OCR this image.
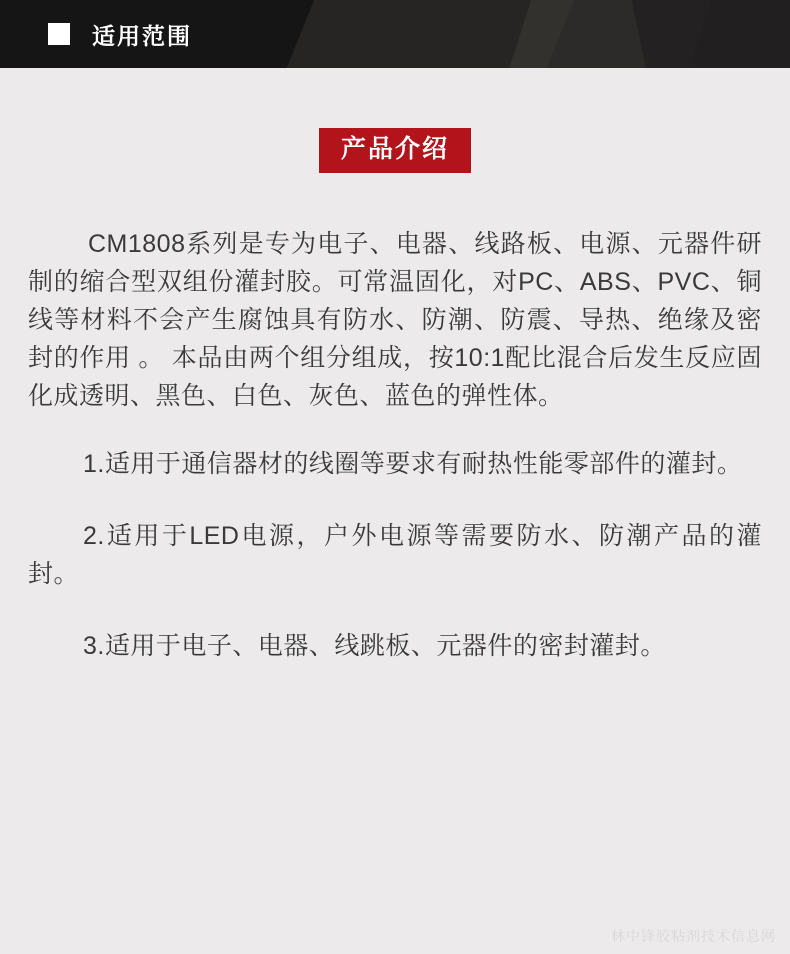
适用范围
产品介绍

CM1808系列是专为电子、电器、线路板、电源、元器件研制的缩合型双组份灌封胶。可常温固化，对PC、ABS、PVC、铜线等材料不会产生腐蚀具有防水、防潮、防震、导热、绝缘及密封的作用 。 本品由两个组分组成，按10:1配比混合后发生反应固化成透明、黑色、白色、灰色、蓝色的弹性体。

1.适用于通信器材的线圈等要求有耐热性能零部件的灌封。

2.适用于LED电源，户外电源等需要防水、防潮产品的灌封。

3.适用于电子、电器、线跳板、元器件的密封灌封。

林中锋胶粘剂技术信息网
